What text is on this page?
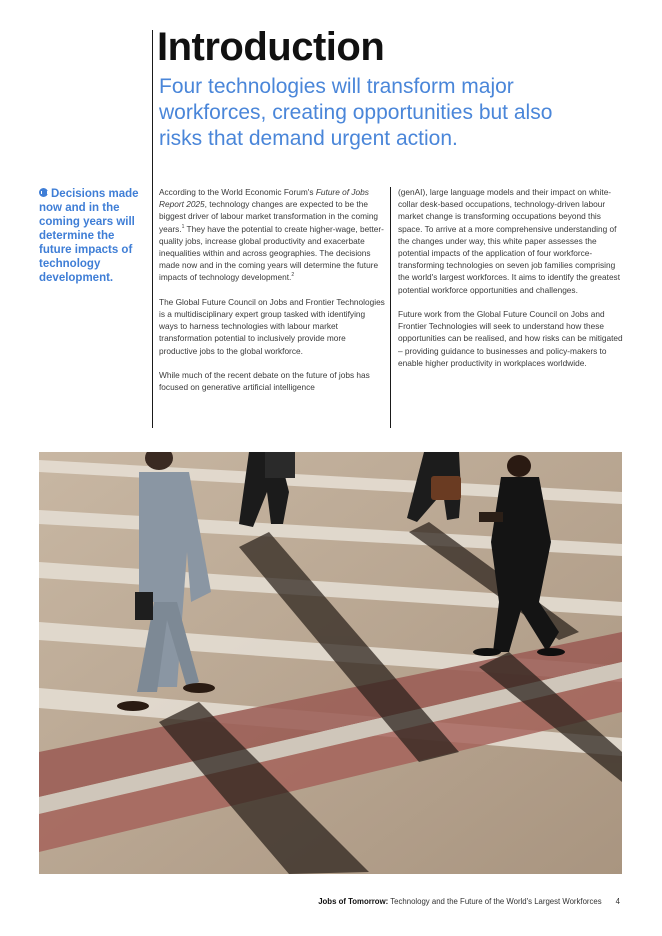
Introduction

Four technologies will transform major workforces, creating opportunities but also risks that demand urgent action.

Decisions made now and in the coming years will determine the future impacts of technology development.

According to the World Economic Forum's Future of Jobs Report 2025, technology changes are expected to be the biggest driver of labour market transformation in the coming years.$^1$ They have the potential to create higher-wage, better-quality jobs, increase global productivity and exacerbate inequalities within and across geographies. The decisions made now and in the coming years will determine the future impacts of technology development.$^2$

The Global Future Council on Jobs and Frontier Technologies is a multidisciplinary expert group tasked with identifying ways to harness technologies with labour market transformation potential to inclusively provide more productive jobs to the global workforce.

While much of the recent debate on the future of jobs has focused on generative artificial intelligence

(genAI), large language models and their impact on white-collar desk-based occupations, technology-driven labour market change is transforming occupations beyond this space. To arrive at a more comprehensive understanding of the changes under way, this white paper assesses the potential impacts of the application of four workforce-transforming technologies on seven job families comprising the world's largest workforces. It aims to identify the greatest potential workforce opportunities and challenges.

Future work from the Global Future Council on Jobs and Frontier Technologies will seek to understand how these opportunities can be realised, and how risks can be mitigated – providing guidance to businesses and policy-makers to enable higher productivity in workplaces worldwide.

Jobs of Tomorrow: Technology and the Future of the World's Largest Workforces 4
